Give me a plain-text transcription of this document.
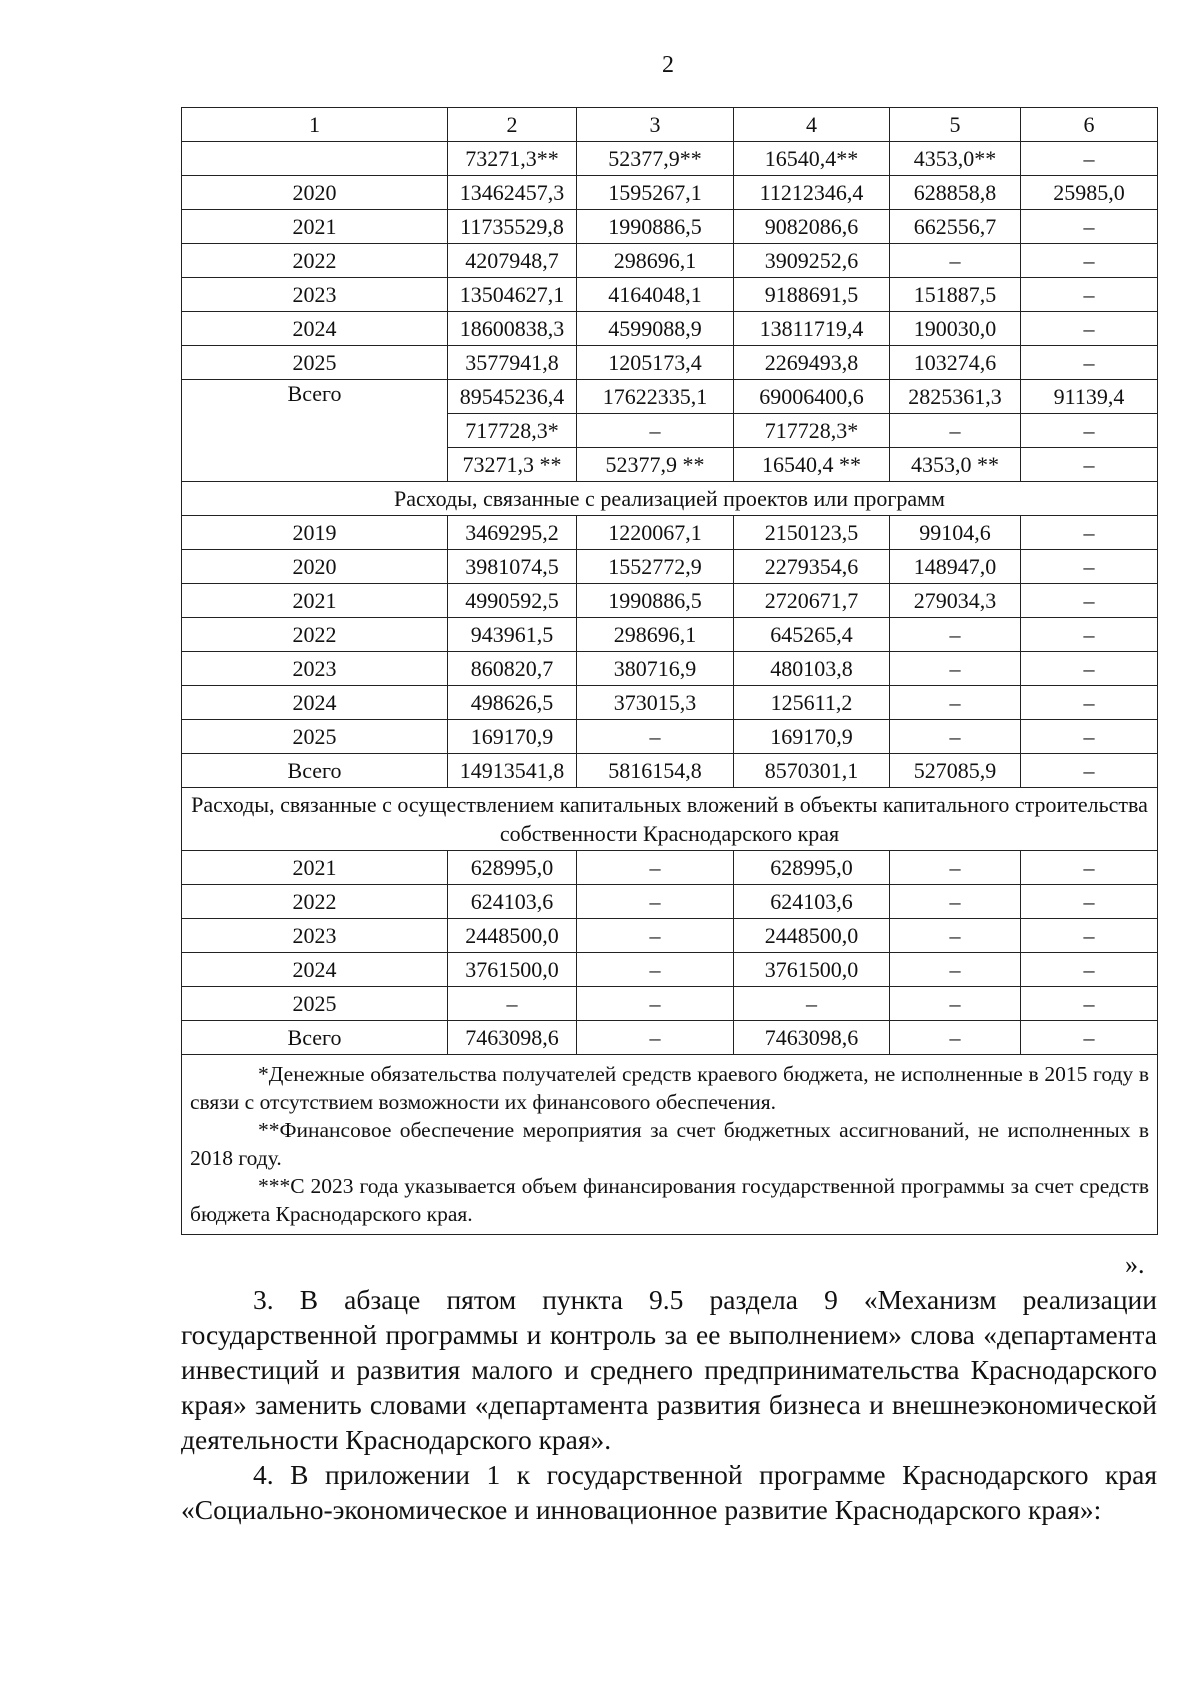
2
1	2	3	4	5	6
	73271,3**	52377,9**	16540,4**	4353,0**	–
2020	13462457,3	1595267,1	11212346,4	628858,8	25985,0
2021	11735529,8	1990886,5	9082086,6	662556,7	–
2022	4207948,7	298696,1	3909252,6	–	–
2023	13504627,1	4164048,1	9188691,5	151887,5	–
2024	18600838,3	4599088,9	13811719,4	190030,0	–
2025	3577941,8	1205173,4	2269493,8	103274,6	–
Всего	89545236,4	17622335,1	69006400,6	2825361,3	91139,4
	717728,3*	–	717728,3*	–	–
	73271,3 **	52377,9 **	16540,4 **	4353,0 **	–
Расходы, связанные с реализацией проектов или программ					
2019	3469295,2	1220067,1	2150123,5	99104,6	–
2020	3981074,5	1552772,9	2279354,6	148947,0	–
2021	4990592,5	1990886,5	2720671,7	279034,3	–
2022	943961,5	298696,1	645265,4	–	–
2023	860820,7	380716,9	480103,8	–	–
2024	498626,5	373015,3	125611,2	–	–
2025	169170,9	–	169170,9	–	–
Всего	14913541,8	5816154,8	8570301,1	527085,9	–
Расходы, связанные с осуществлением капитальных вложений в объекты капитального строительства собственности Краснодарского края					
2021	628995,0	–	628995,0	–	–
2022	624103,6	–	624103,6	–	–
2023	2448500,0	–	2448500,0	–	–
2024	3761500,0	–	3761500,0	–	–
2025	–	–	–	–	–
Всего	7463098,6	–	7463098,6	–	–

*Денежные обязательства получателей средств краевого бюджета, не исполненные в 2015 году в связи с отсутствием возможности их финансового обеспечения.

**Финансовое обеспечение мероприятия за счет бюджетных ассигнований, не исполненных в 2018 году.

***С 2023 года указывается объем финансирования государственной программы за счет средств бюджета Краснодарского края.					

».

3. В абзаце пятом пункта 9.5 раздела 9 «Механизм реализации государственной программы и контроль за ее выполнением» слова «департамента инвестиций и развития малого и среднего предпринимательства Краснодарского края» заменить словами «департамента развития бизнеса и внешнеэкономической деятельности Краснодарского края».

4. В приложении 1 к государственной программе Краснодарского края «Социально-экономическое и инновационное развитие Краснодарского края»:
